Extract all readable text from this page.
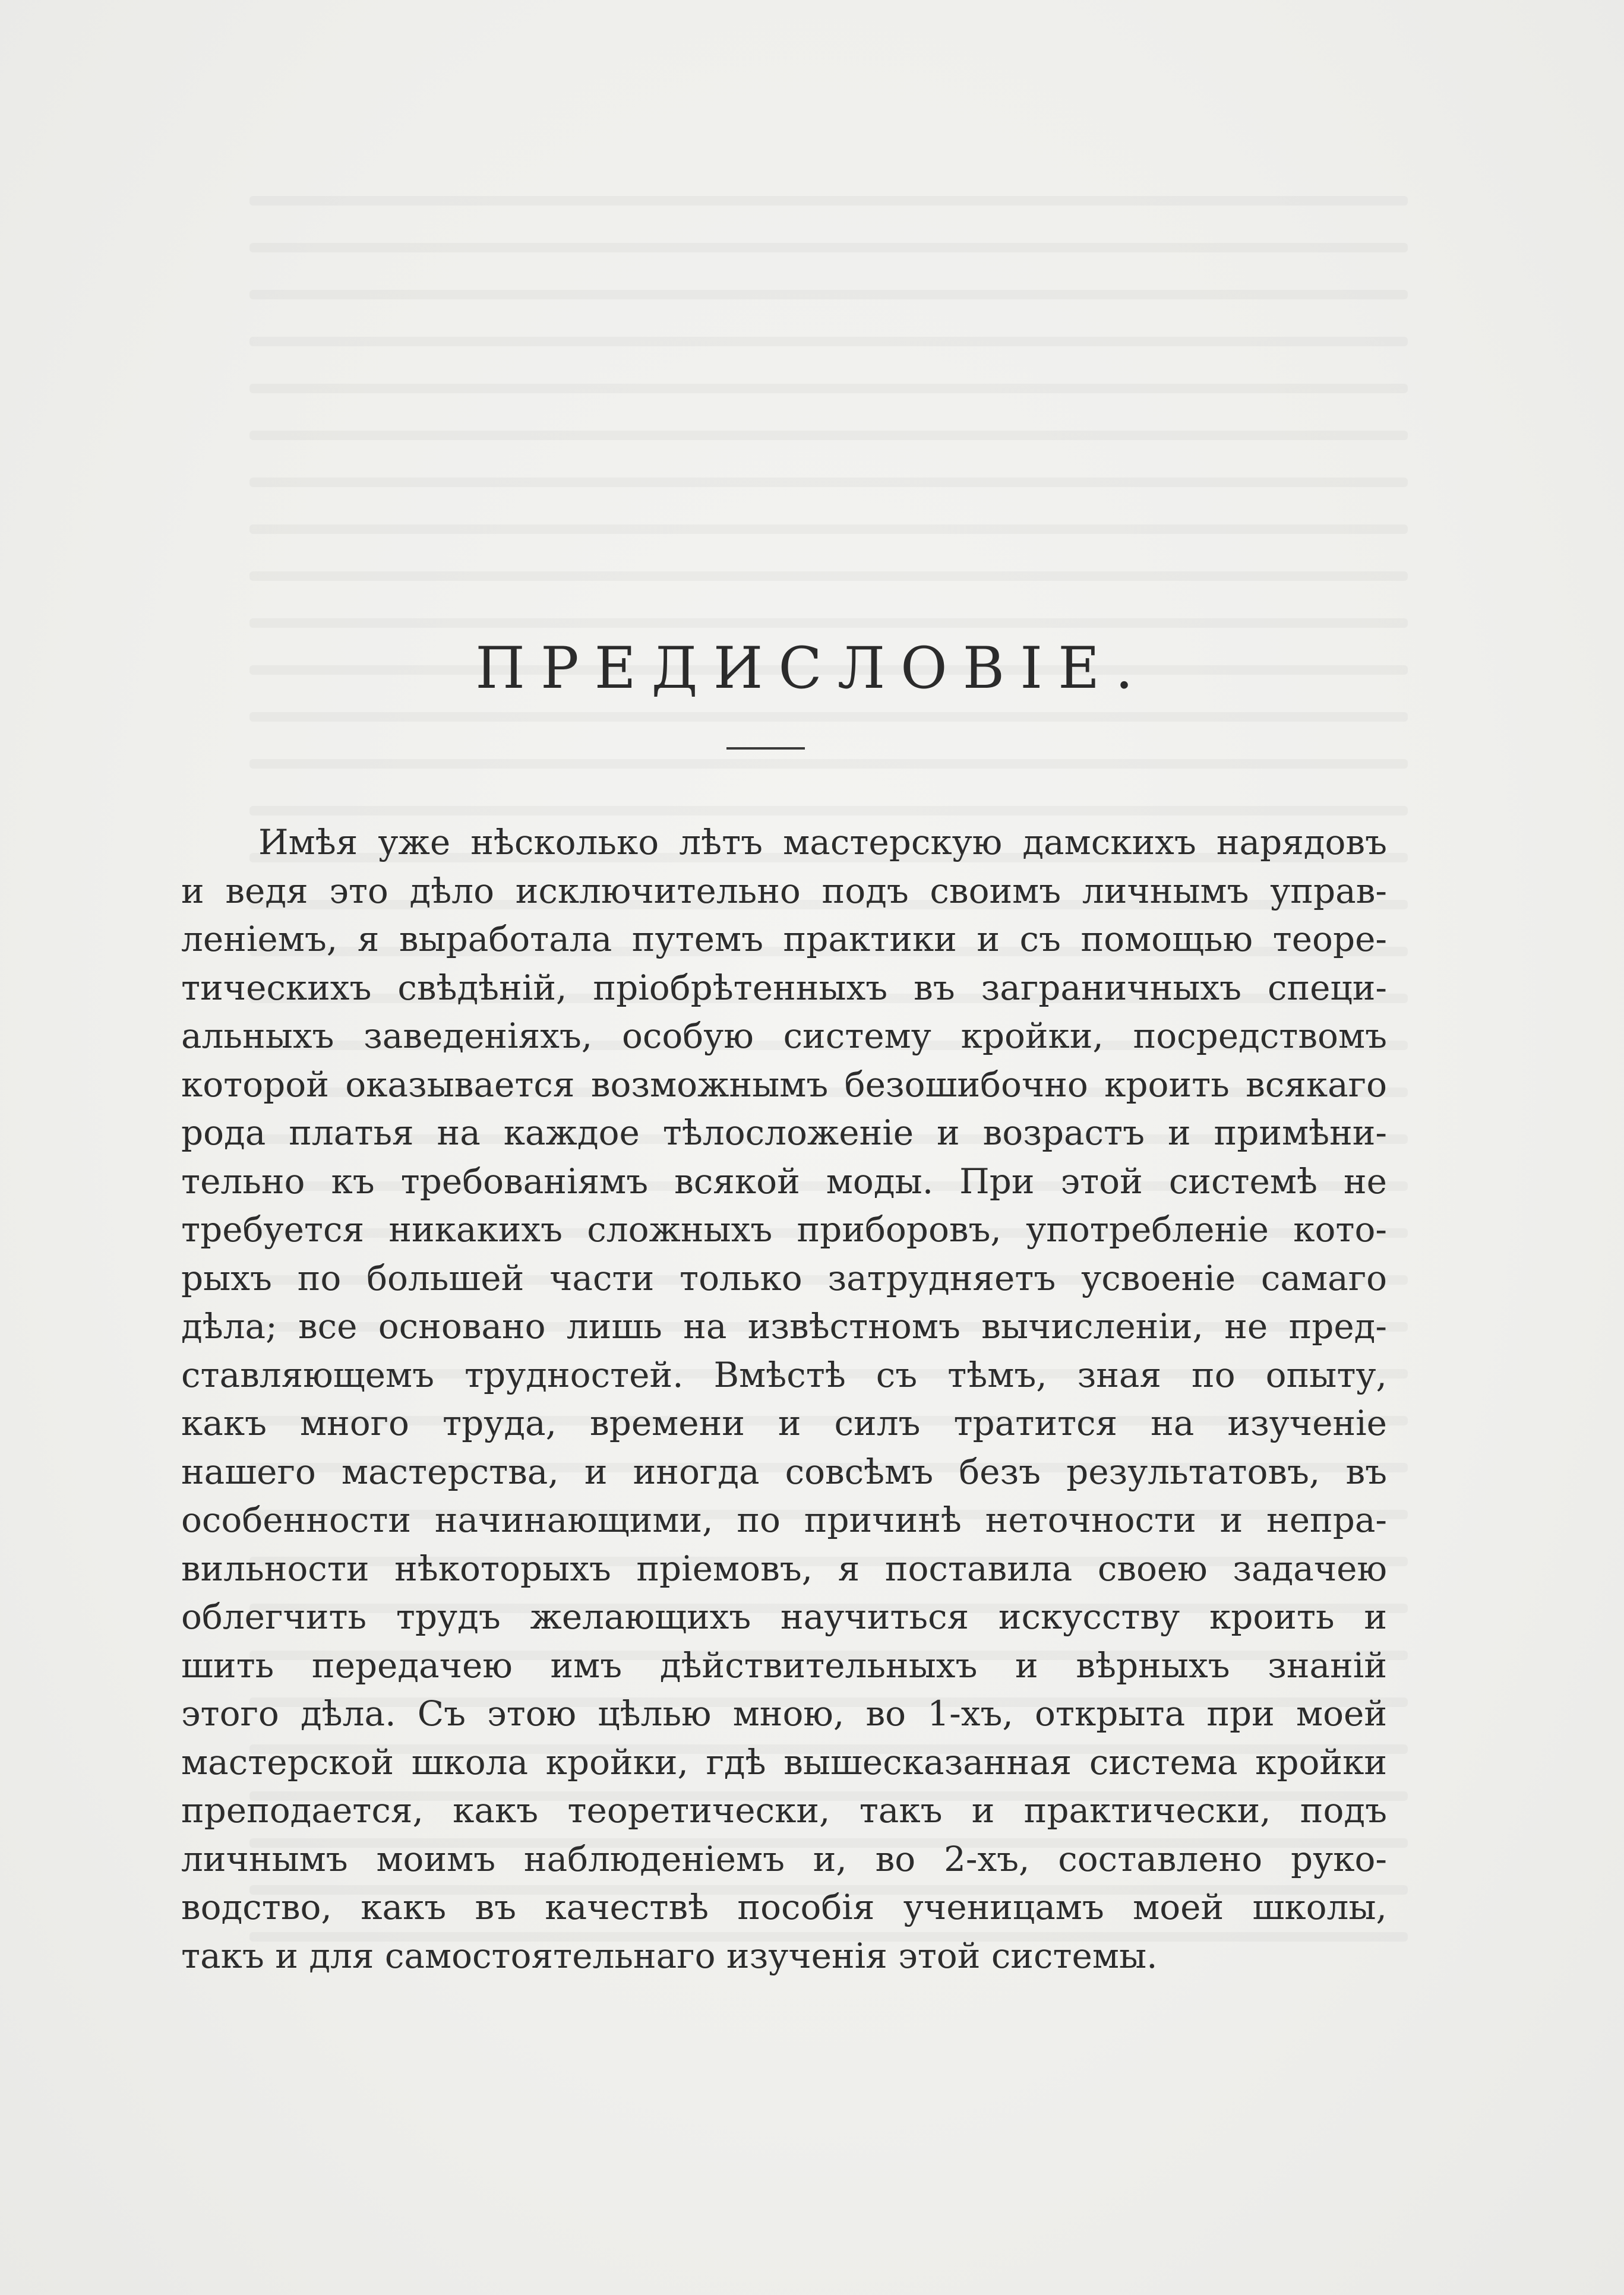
ПРЕДИСЛОВІЕ.
Имѣя уже нѣсколько лѣтъ мастерскую дамскихъ нарядовъ
и ведя это дѣло исключительно подъ своимъ личнымъ управ-
леніемъ, я выработала путемъ практики и съ помощью теоре-
тическихъ свѣдѣній, пріобрѣтенныхъ въ заграничныхъ специ-
альныхъ заведеніяхъ, особую систему кройки, посредствомъ
которой оказывается возможнымъ безошибочно кроить всякаго
рода платья на каждое тѣлосложеніе и возрастъ и примѣни-
тельно къ требованіямъ всякой моды. При этой системѣ не
требуется никакихъ сложныхъ приборовъ, употребленіе кото-
рыхъ по большей части только затрудняетъ усвоеніе самаго
дѣла; все основано лишь на извѣстномъ вычисленіи, не пред-
ставляющемъ трудностей. Вмѣстѣ съ тѣмъ, зная по опыту,
какъ много труда, времени и силъ тратится на изученіе
нашего мастерства, и иногда совсѣмъ безъ результатовъ, въ
особенности начинающими, по причинѣ неточности и непра-
вильности нѣкоторыхъ пріемовъ, я поставила своею задачею
облегчить трудъ желающихъ научиться искусству кроить и
шить передачею имъ дѣйствительныхъ и вѣрныхъ знаній
этого дѣла. Съ этою цѣлью мною, во 1-хъ, открыта при моей
мастерской школа кройки, гдѣ вышесказанная система кройки
преподается, какъ теоретически, такъ и практически, подъ
личнымъ моимъ наблюденіемъ и, во 2-хъ, составлено руко-
водство, какъ въ качествѣ пособія ученицамъ моей школы,
такъ и для самостоятельнаго изученія этой системы.
